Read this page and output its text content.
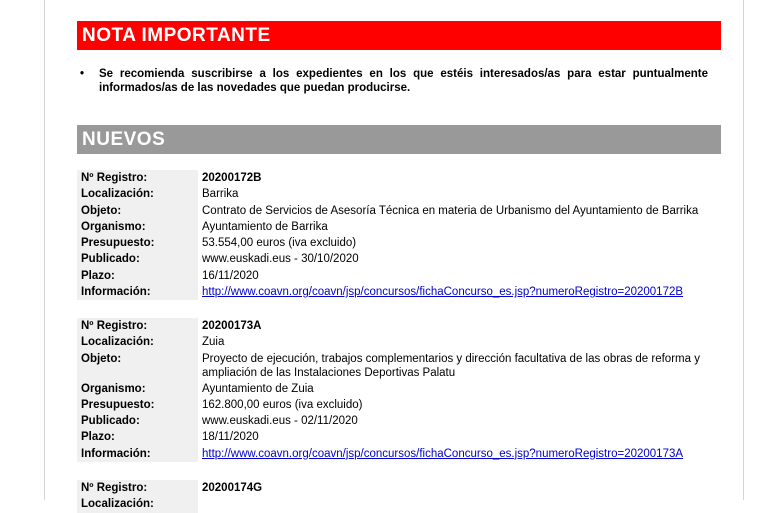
NOTA IMPORTANTE
• Se recomienda suscribirse a los expedientes en los que estéis interesados/as para estar puntualmente informados/as de las novedades que puedan producirse.
NUEVOS
Nº Registro:	20200172B
Localización:	Barrika
Objeto:	Contrato de Servicios de Asesoría Técnica en materia de Urbanismo del Ayuntamiento de Barrika
Organismo:	Ayuntamiento de Barrika
Presupuesto:	53.554,00 euros (iva excluido)
Publicado:	www.euskadi.eus - 30/10/2020
Plazo:	16/11/2020
Información:	http://www.coavn.org/coavn/jsp/concursos/fichaConcurso_es.jsp?numeroRegistro=20200172B
Nº Registro:	20200173A
Localización:	Zuia
Objeto:	Proyecto de ejecución, trabajos complementarios y dirección facultativa de las obras de reforma y ampliación de las Instalaciones Deportivas Palatu
Organismo:	Ayuntamiento de Zuia
Presupuesto:	162.800,00 euros (iva excluido)
Publicado:	www.euskadi.eus - 02/11/2020
Plazo:	18/11/2020
Información:	http://www.coavn.org/coavn/jsp/concursos/fichaConcurso_es.jsp?numeroRegistro=20200173A
Nº Registro:	20200174G
Localización:
